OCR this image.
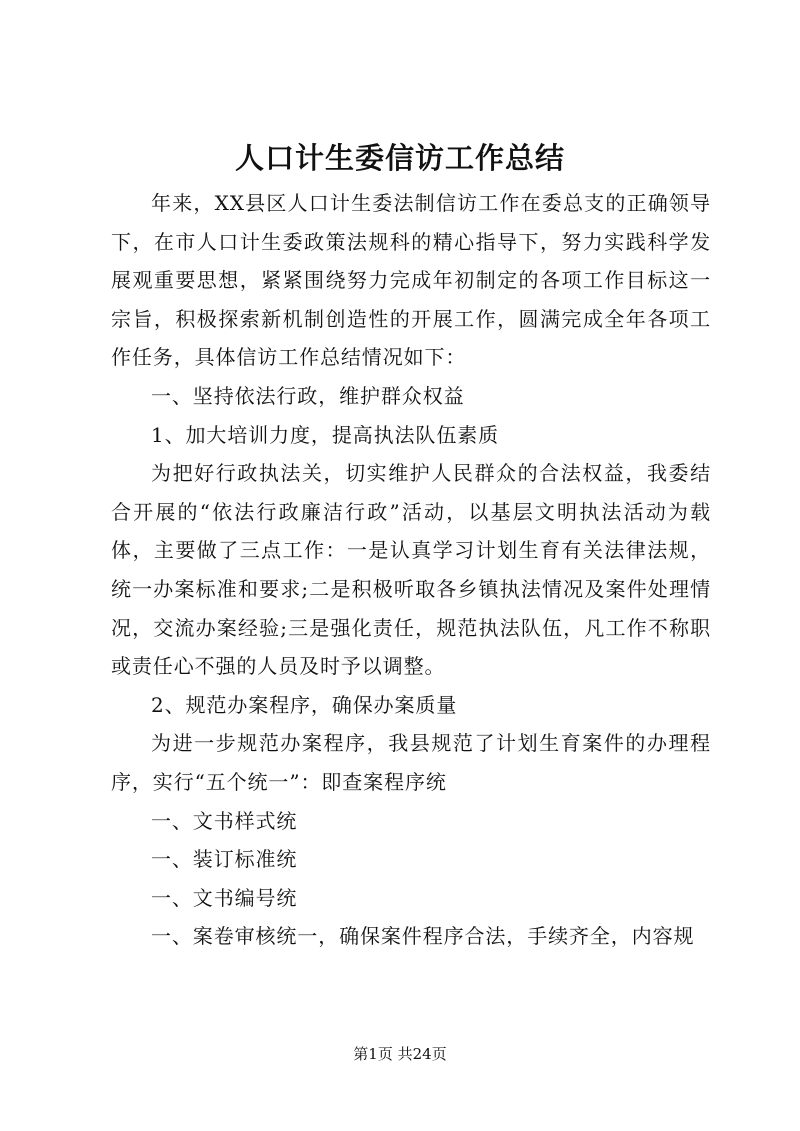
人口计生委信访工作总结

年来，XX县区人口计生委法制信访工作在委总支的正确领导下，在市人口计生委政策法规科的精心指导下，努力实践科学发展观重要思想，紧紧围绕努力完成年初制定的各项工作目标这一宗旨，积极探索新机制创造性的开展工作，圆满完成全年各项工作任务，具体信访工作总结情况如下：

一、坚持依法行政，维护群众权益

1、加大培训力度，提高执法队伍素质

为把好行政执法关，切实维护人民群众的合法权益，我委结合开展的“依法行政廉洁行政”活动，以基层文明执法活动为载体，主要做了三点工作：一是认真学习计划生育有关法律法规，统一办案标准和要求;二是积极听取各乡镇执法情况及案件处理情况，交流办案经验;三是强化责任，规范执法队伍，凡工作不称职或责任心不强的人员及时予以调整。

2、规范办案程序，确保办案质量

为进一步规范办案程序，我县规范了计划生育案件的办理程序，实行“五个统一”：即查案程序统

一、文书样式统

一、装订标准统

一、文书编号统

一、案卷审核统一，确保案件程序合法，手续齐全，内容规

第1页 共24页
